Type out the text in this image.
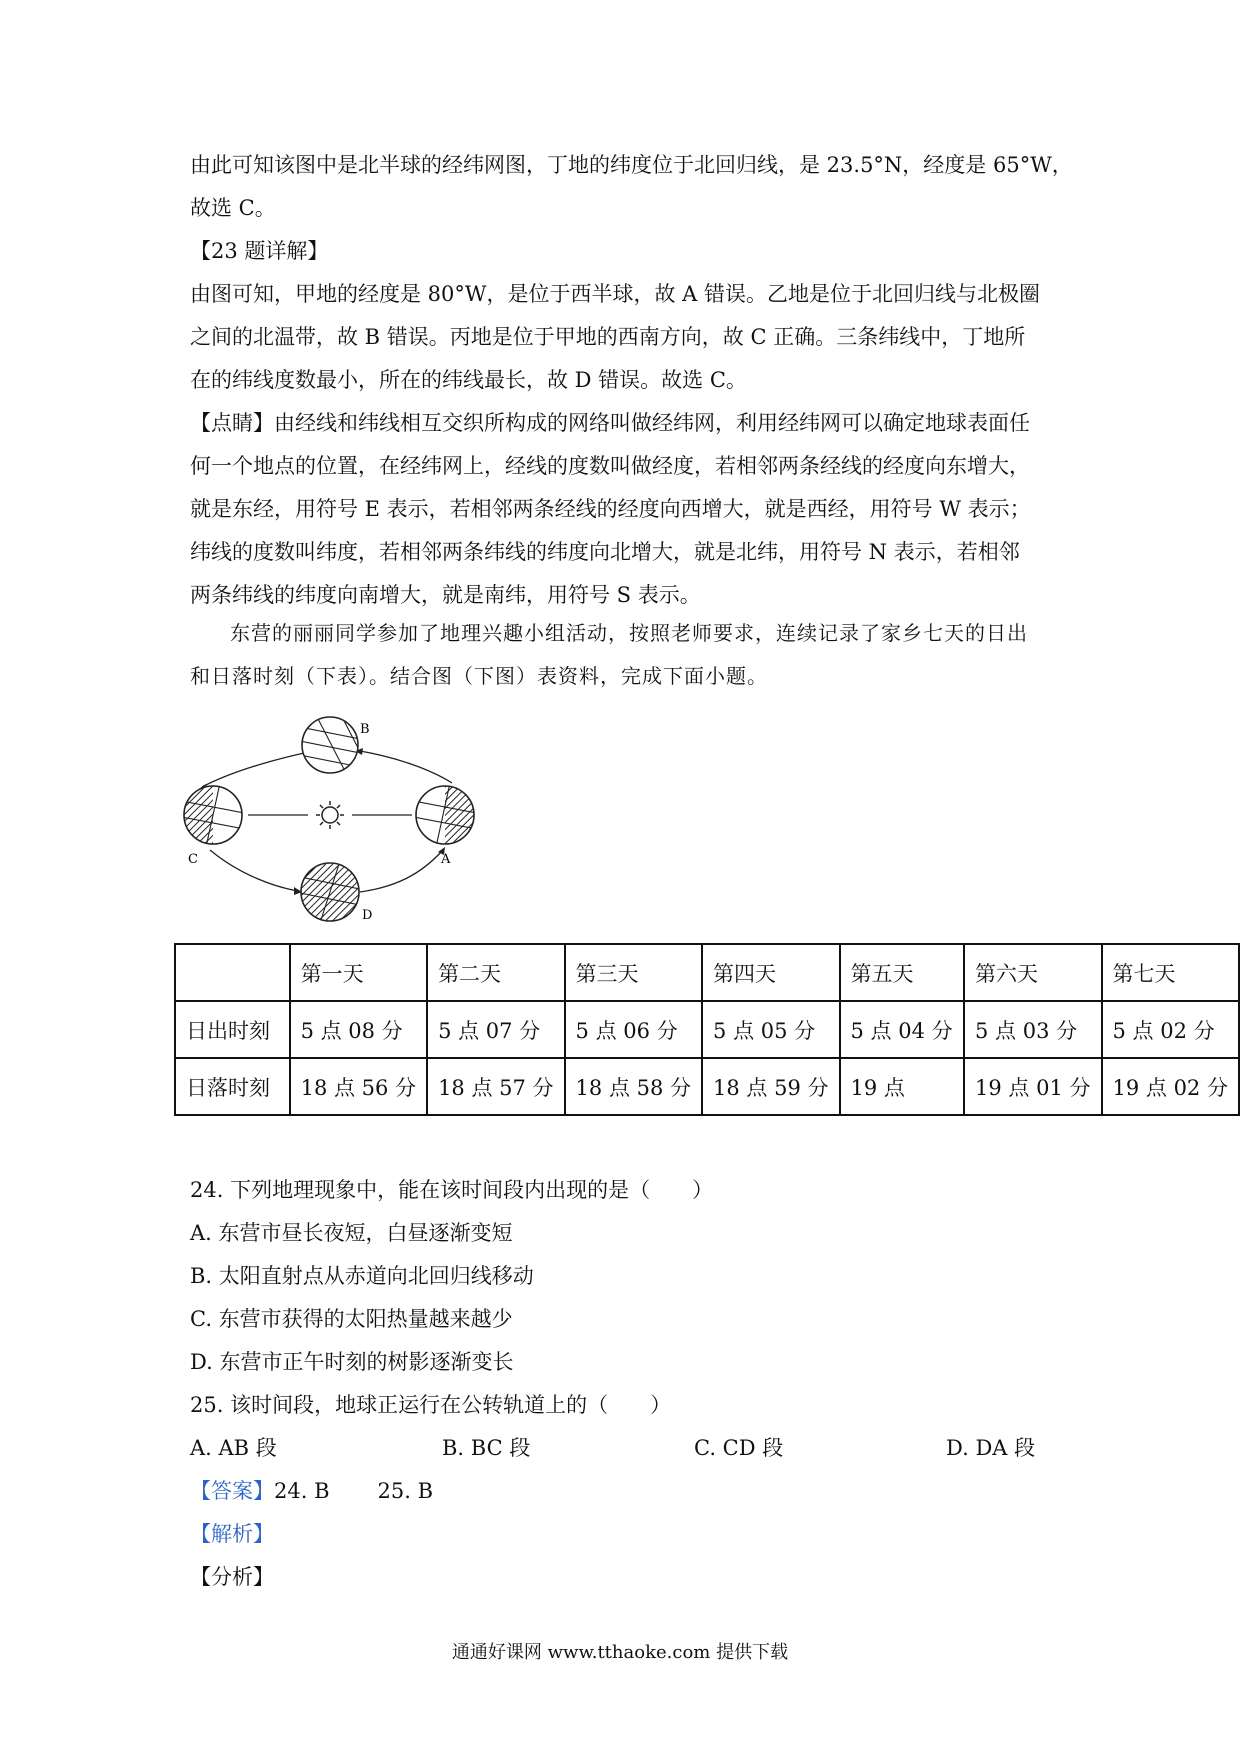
由此可知该图中是北半球的经纬网图，丁地的纬度位于北回归线，是 23.5°N，经度是 65°W，
故选 C。
【23 题详解】
由图可知，甲地的经度是 80°W，是位于西半球，故 A 错误。乙地是位于北回归线与北极圈
之间的北温带，故 B 错误。丙地是位于甲地的西南方向，故 C 正确。三条纬线中，丁地所
在的纬线度数最小，所在的纬线最长，故 D 错误。故选 C。
【点睛】由经线和纬线相互交织所构成的网络叫做经纬网，利用经纬网可以确定地球表面任
何一个地点的位置，在经纬网上，经线的度数叫做经度，若相邻两条经线的经度向东增大，
就是东经，用符号 E 表示，若相邻两条经线的经度向西增大，就是西经，用符号 W 表示；
纬线的度数叫纬度，若相邻两条纬线的纬度向北增大，就是北纬，用符号 N 表示，若相邻
两条纬线的纬度向南增大，就是南纬，用符号 S 表示。
东营的丽丽同学参加了地理兴趣小组活动，按照老师要求，连续记录了家乡七天的日出
和日落时刻（下表）。结合图（下图）表资料，完成下面小题。
B
C	A
D
	第一天	第二天	第三天	第四天	第五天	第六天	第七天
日出时刻	5 点 08 分	5 点 07 分	5 点 06 分	5 点 05 分	5 点 04 分	5 点 03 分	5 点 02 分
日落时刻	18 点 56 分	18 点 57 分	18 点 58 分	18 点 59 分	19 点	19 点 01 分	19 点 02 分
24. 下列地理现象中，能在该时间段内出现的是（　　）
A. 东营市昼长夜短，白昼逐渐变短
B. 太阳直射点从赤道向北回归线移动
C. 东营市获得的太阳热量越来越少
D. 东营市正午时刻的树影逐渐变长
25. 该时间段，地球正运行在公转轨道上的（　　）
A. AB 段	B. BC 段	C. CD 段	D. DA 段
【答案】24. B 25. B
【解析】
【分析】
通通好课网 www.tthaoke.com 提供下载
